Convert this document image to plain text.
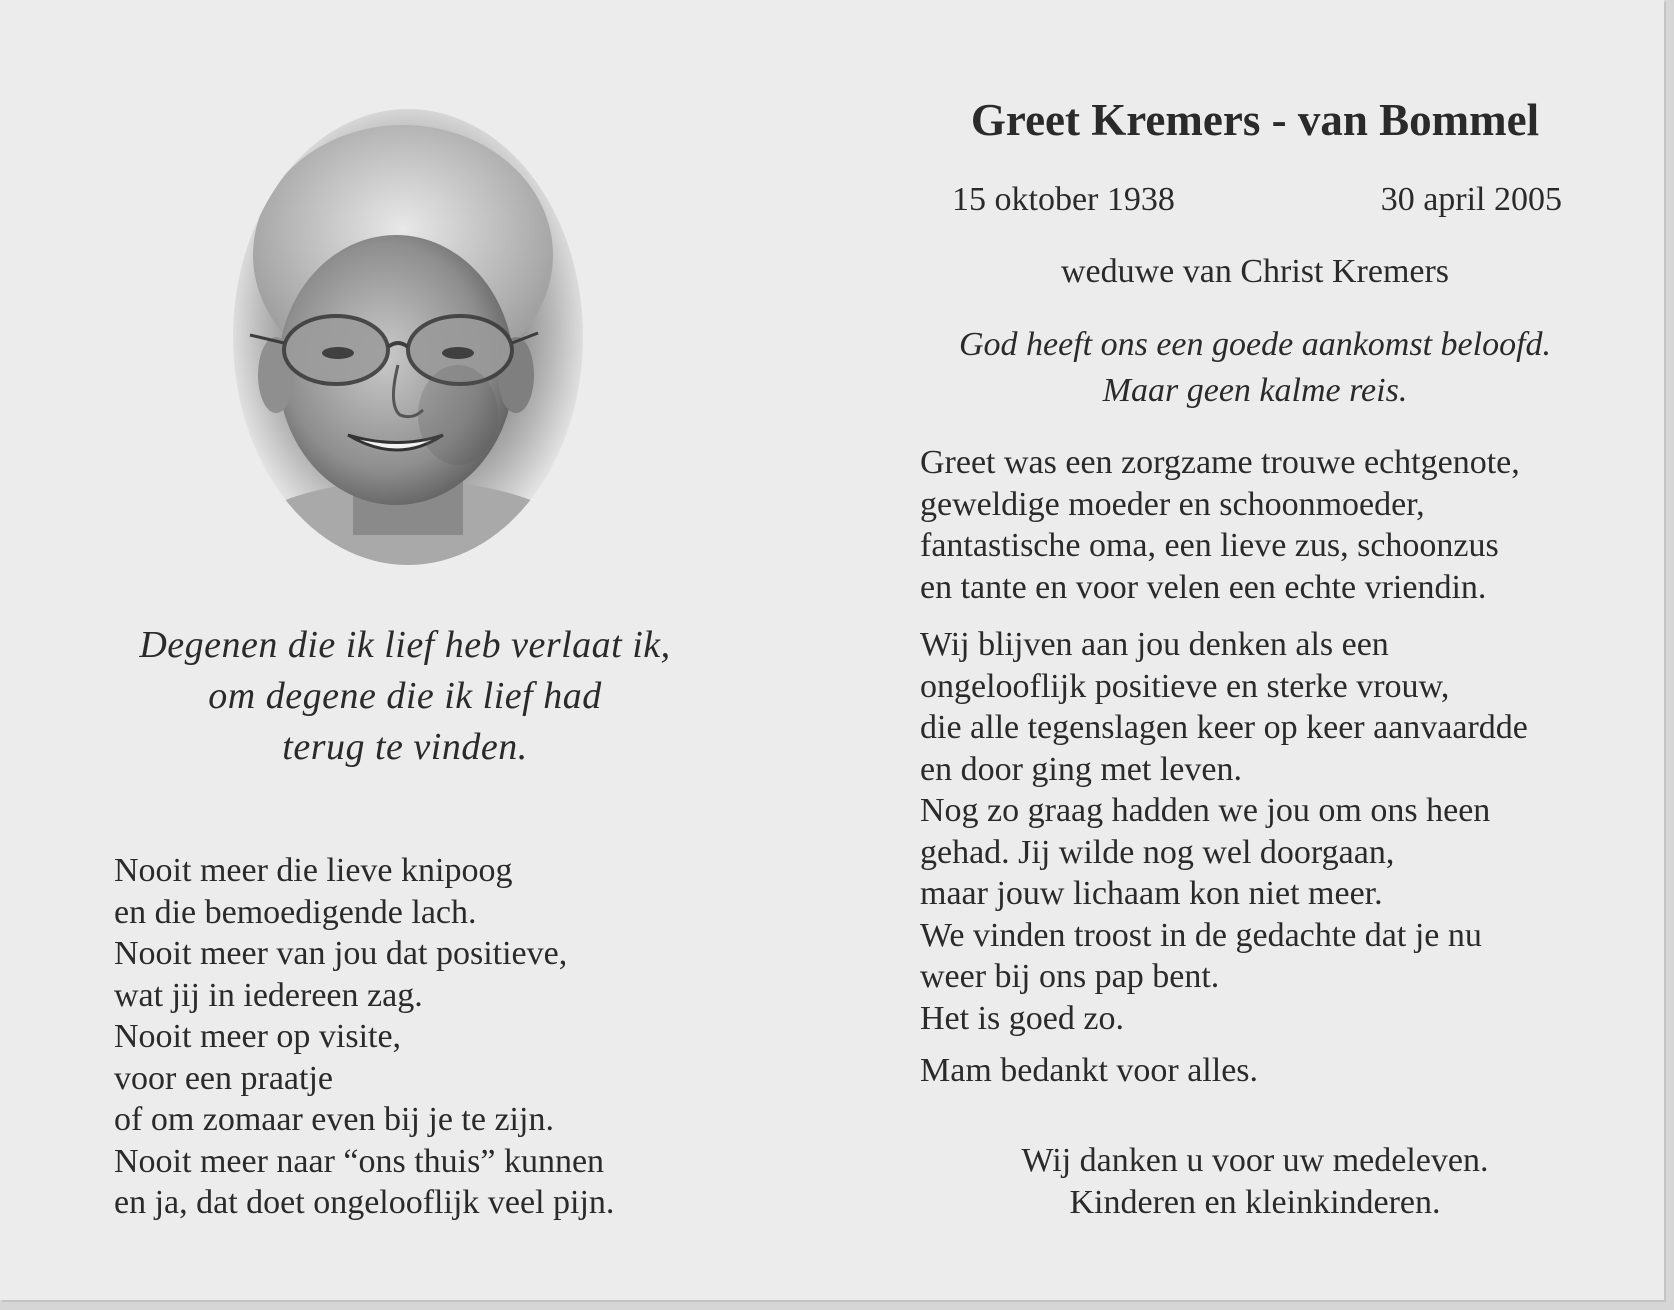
Degenen die ik lief heb verlaat ik,
om degene die ik lief had
terug te vinden.
Nooit meer die lieve knipoog
en die bemoedigende lach.
Nooit meer van jou dat positieve,
wat jij in iedereen zag.
Nooit meer op visite,
voor een praatje
of om zomaar even bij je te zijn.
Nooit meer naar “ons thuis” kunnen
en ja, dat doet ongelooflijk veel pijn.
Greet Kremers - van Bommel
15 oktober 1938	30 april 2005
weduwe van Christ Kremers
God heeft ons een goede aankomst beloofd.
Maar geen kalme reis.
Greet was een zorgzame trouwe echtgenote,
geweldige moeder en schoonmoeder,
fantastische oma, een lieve zus, schoonzus
en tante en voor velen een echte vriendin.
Wij blijven aan jou denken als een
ongelooflijk positieve en sterke vrouw,
die alle tegenslagen keer op keer aanvaardde
en door ging met leven.
Nog zo graag hadden we jou om ons heen
gehad. Jij wilde nog wel doorgaan,
maar jouw lichaam kon niet meer.
We vinden troost in de gedachte dat je nu
weer bij ons pap bent.
Het is goed zo.
Mam bedankt voor alles.
Wij danken u voor uw medeleven.
Kinderen en kleinkinderen.
